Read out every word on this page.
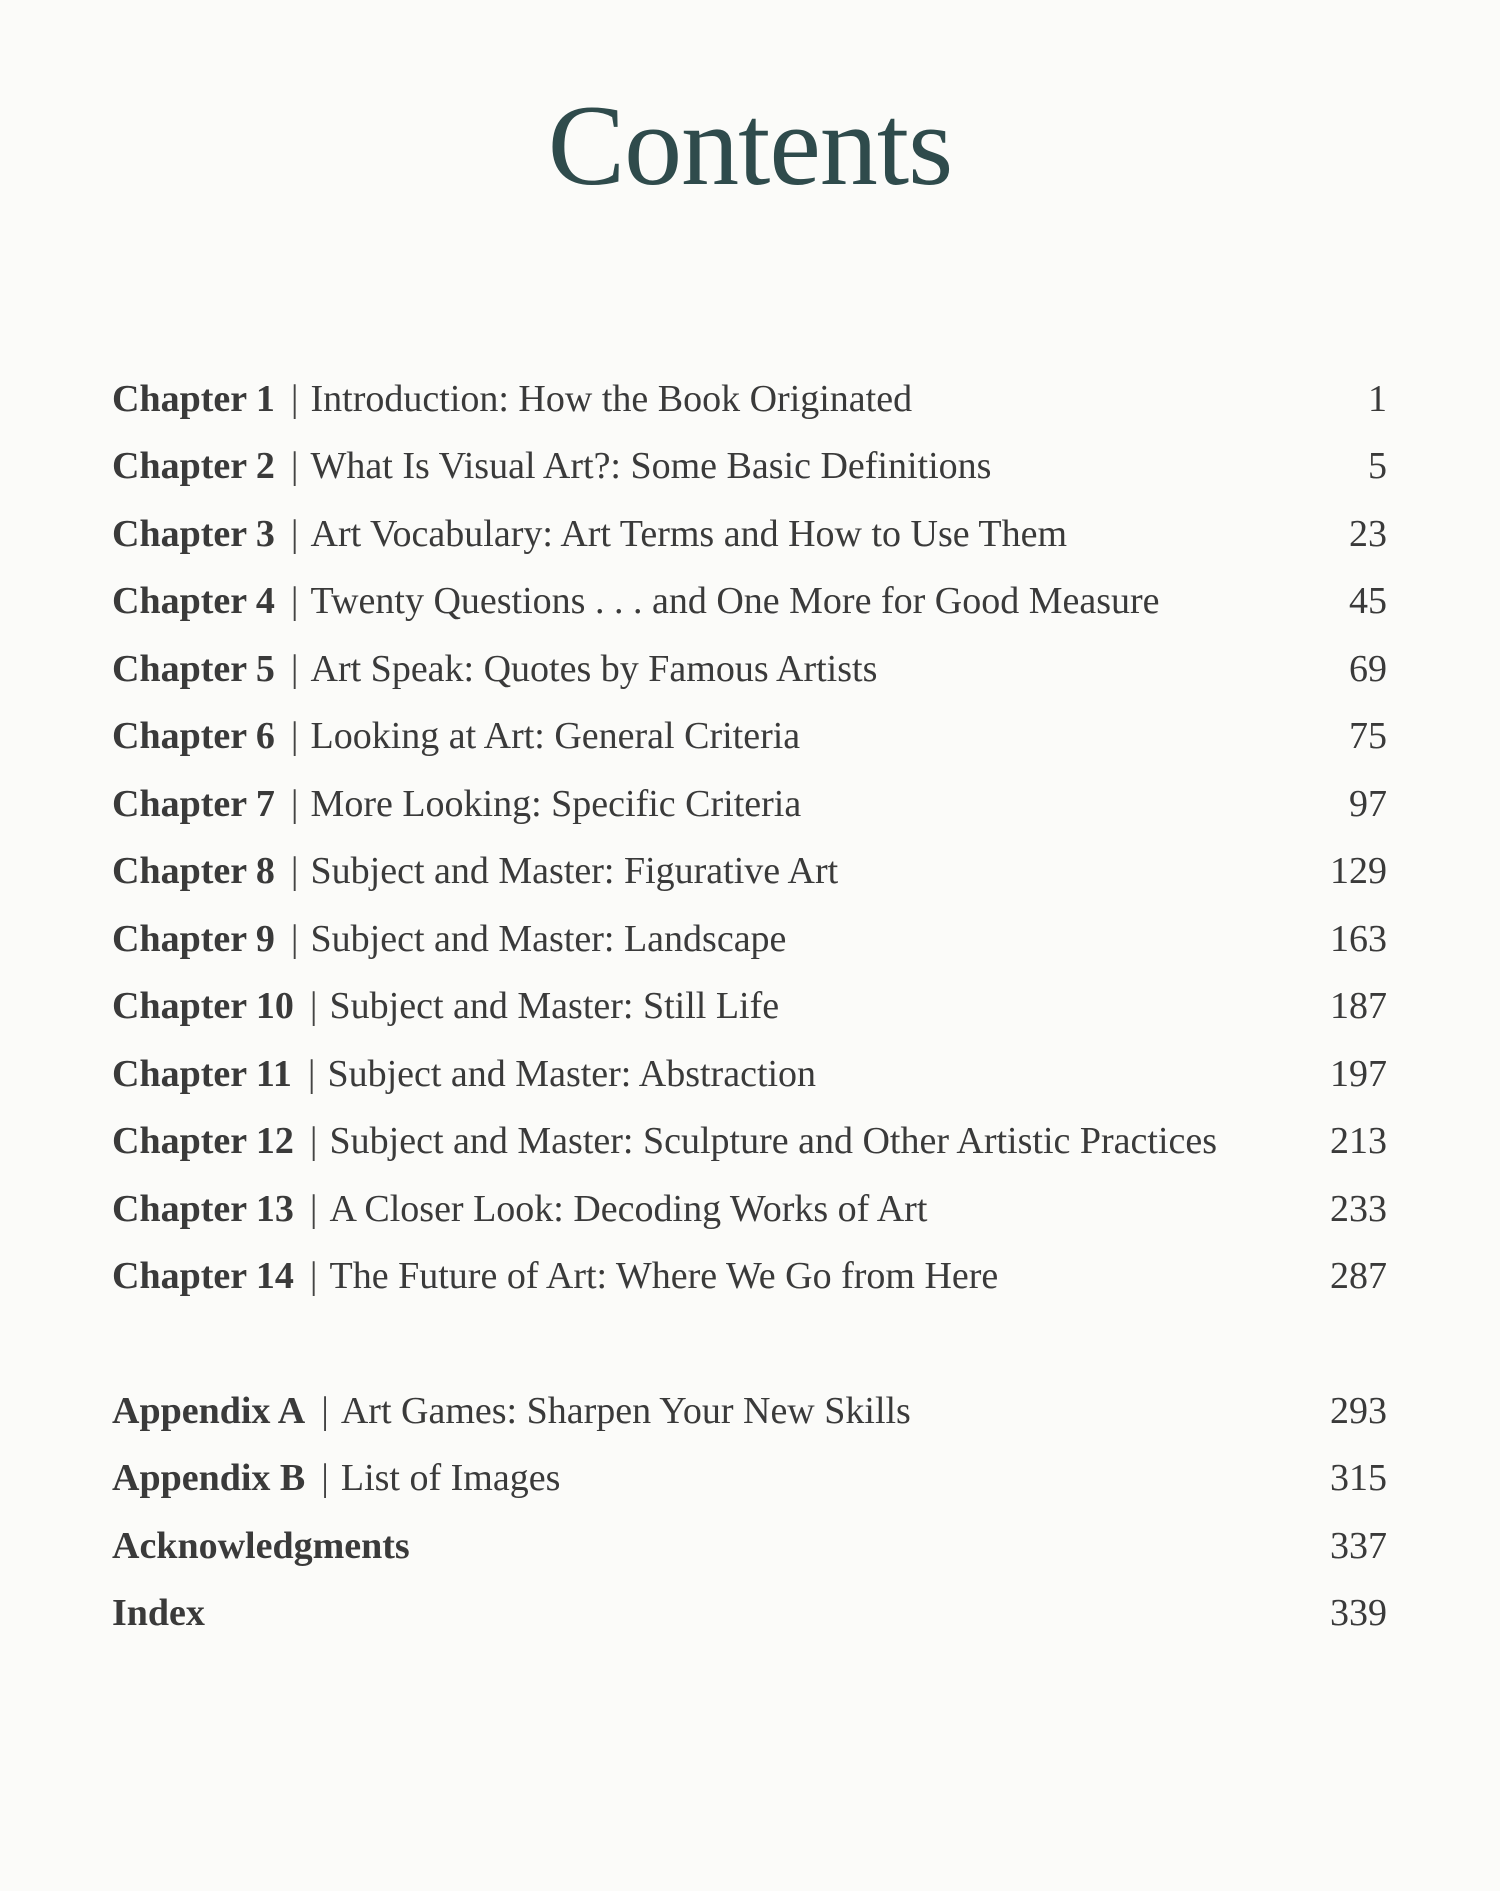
Contents
Chapter 1 | Introduction: How the Book Originated	1
Chapter 2 | What Is Visual Art?: Some Basic Definitions	5
Chapter 3 | Art Vocabulary: Art Terms and How to Use Them	23
Chapter 4 | Twenty Questions . . . and One More for Good Measure	45
Chapter 5 | Art Speak: Quotes by Famous Artists	69
Chapter 6 | Looking at Art: General Criteria	75
Chapter 7 | More Looking: Specific Criteria	97
Chapter 8 | Subject and Master: Figurative Art	129
Chapter 9 | Subject and Master: Landscape	163
Chapter 10 | Subject and Master: Still Life	187
Chapter 11 | Subject and Master: Abstraction	197
Chapter 12 | Subject and Master: Sculpture and Other Artistic Practices	213
Chapter 13 | A Closer Look: Decoding Works of Art	233
Chapter 14 | The Future of Art: Where We Go from Here	287
Appendix A | Art Games: Sharpen Your New Skills	293
Appendix B | List of Images	315
Acknowledgments	337
Index	339
